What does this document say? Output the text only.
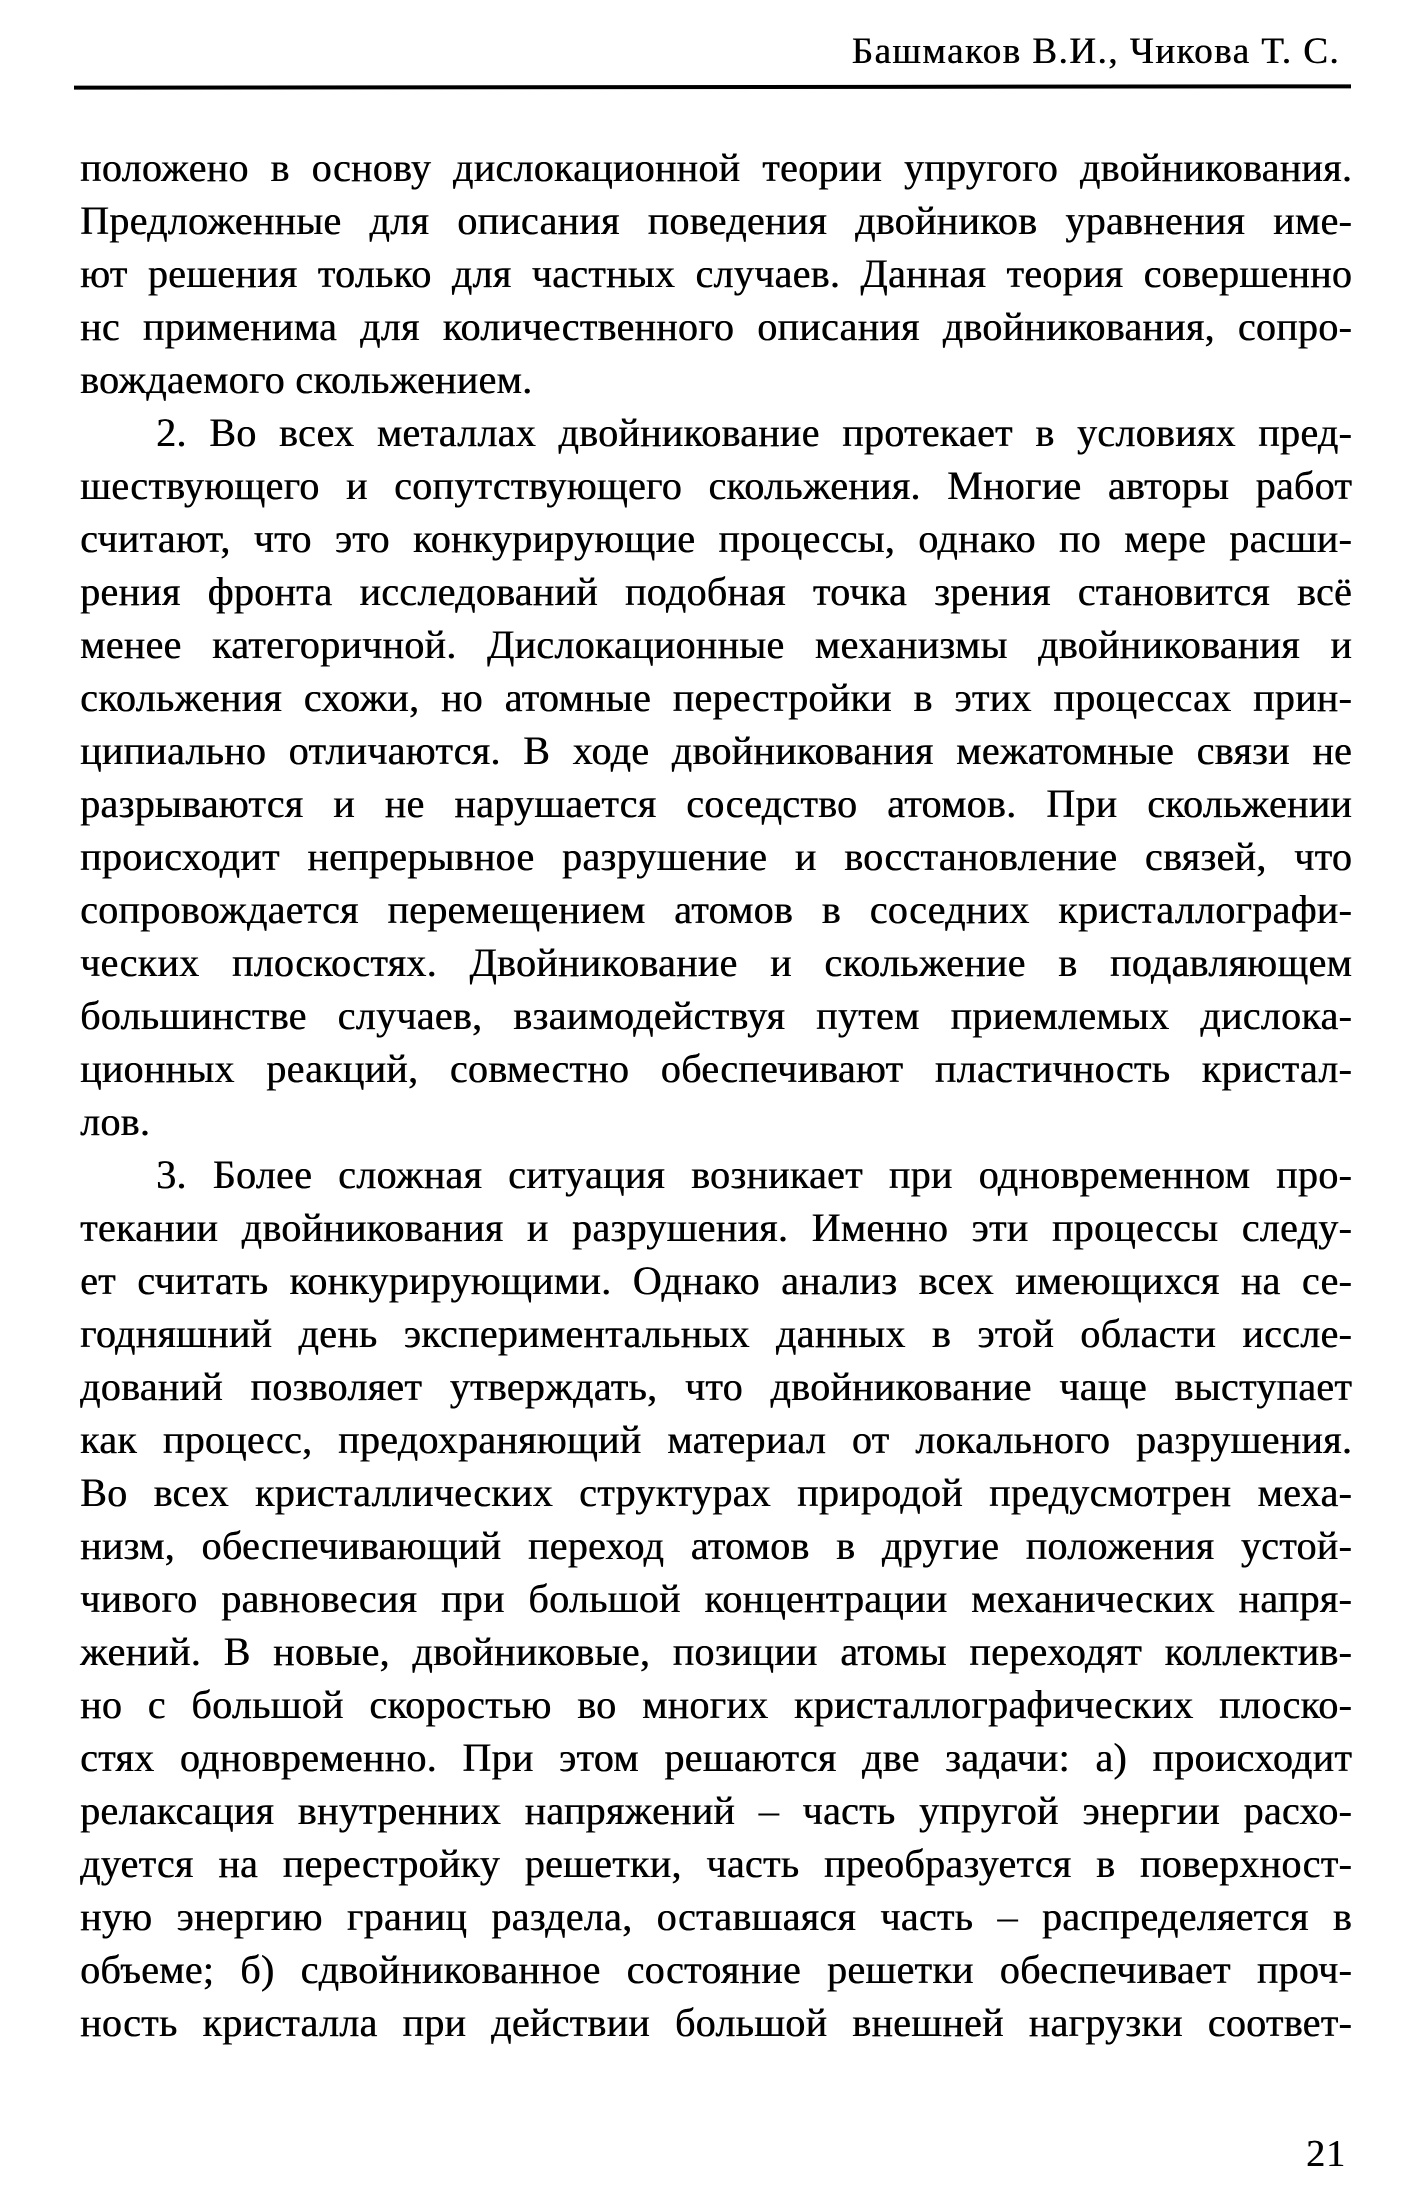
Башмаков В.И., Чикова Т. С.
положено в основу дислокационной теории упругого двойникования.
Предложенные для описания поведения двойников уравнения име-
ют решения только для частных случаев. Данная теория совершенно
нс применима для количественного описания двойникования, сопро-
вождаемого скольжением.
2. Во всех металлах двойникование протекает в условиях пред-
шествующего и сопутствующего скольжения. Многие авторы работ
считают, что это конкурирующие процессы, однако по мере расши-
рения фронта исследований подобная точка зрения становится всё
менее категоричной. Дислокационные механизмы двойникования и
скольжения схожи, но атомные перестройки в этих процессах прин-
ципиально отличаются. В ходе двойникования межатомные связи не
разрываются и не нарушается соседство атомов. При скольжении
происходит непрерывное разрушение и восстановление связей, что
сопровождается перемещением атомов в соседних кристаллографи-
ческих плоскостях. Двойникование и скольжение в подавляющем
большинстве случаев, взаимодействуя путем приемлемых дислока-
ционных реакций, совместно обеспечивают пластичность кристал-
лов.
3. Более сложная ситуация возникает при одновременном про-
текании двойникования и разрушения. Именно эти процессы следу-
ет считать конкурирующими. Однако анализ всех имеющихся на се-
годняшний день экспериментальных данных в этой области иссле-
дований позволяет утверждать, что двойникование чаще выступает
как процесс, предохраняющий материал от локального разрушения.
Во всех кристаллических структурах природой предусмотрен меха-
низм, обеспечивающий переход атомов в другие положения устой-
чивого равновесия при большой концентрации механических напря-
жений. В новые, двойниковые, позиции атомы переходят коллектив-
но с большой скоростью во многих кристаллографических плоско-
стях одновременно. При этом решаются две задачи: а) происходит
релаксация внутренних напряжений – часть упругой энергии расхо-
дуется на перестройку решетки, часть преобразуется в поверхност-
ную энергию границ раздела, оставшаяся часть – распределяется в
объеме; б) сдвойникованное состояние решетки обеспечивает проч-
ность кристалла при действии большой внешней нагрузки соответ-
21
